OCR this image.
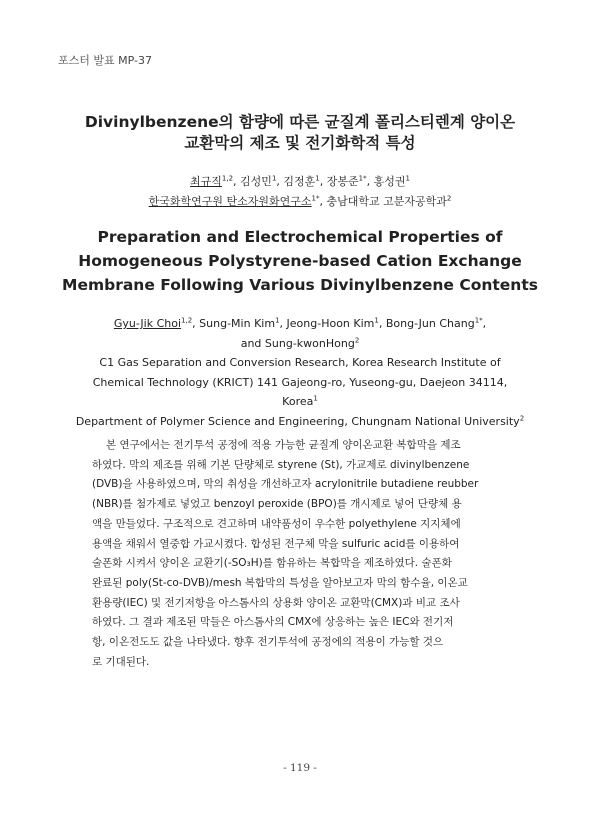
포스터 발표 MP-37
Divinylbenzene의 함량에 따른 균질계 폴리스티렌계 양이온
교환막의 제조 및 전기화학적 특성
최규직$^{1,2}$, 김성민$^1$, 김정훈$^1$, 장봉준$^{1*}$, 홍성권$^1$
한국화학연구원 탄소자원화연구소$^{1*}$, 충남대학교 고분자공학과$^2$
Preparation and Electrochemical Properties of
Homogeneous Polystyrene-based Cation Exchange
Membrane Following Various Divinylbenzene Contents
Gyu-Jik Choi$^{1,2}$, Sung-Min Kim$^1$, Jeong-Hoon Kim$^1$, Bong-Jun Chang$^{1*}$,
and Sung-kwonHong$^2$
C1 Gas Separation and Conversion Research, Korea Research Institute of
Chemical Technology (KRICT) 141 Gajeong-ro, Yuseong-gu, Daejeon 34114,
Korea$^1$
Department of Polymer Science and Engineering, Chungnam National University$^2$
본 연구에서는 전기투석 공정에 적용 가능한 균질계 양이온교환 복합막을 제조
하였다. 막의 제조를 위해 기본 단량체로 styrene (St), 가교제로 divinylbenzene
(DVB)을 사용하였으며, 막의 취성을 개선하고자 acrylonitrile butadiene reubber
(NBR)를 첨가제로 넣었고 benzoyl peroxide (BPO)를 개시제로 넣어 단량체 용
액을 만들었다. 구조적으로 견고하며 내약품성이 우수한 polyethylene 지지체에
용액을 채워서 열중합 가교시켰다. 합성된 전구체 막을 sulfuric acid를 이용하여
술폰화 시켜서 양이온 교환기(-SO₃H)를 함유하는 복합막을 제조하였다. 술폰화
완료된 poly(St-co-DVB)/mesh 복합막의 특성을 알아보고자 막의 함수율, 이온교
환용량(IEC) 및 전기저항을 아스톰사의 상용화 양이온 교환막(CMX)과 비교 조사
하였다. 그 결과 제조된 막들은 아스톰사의 CMX에 상응하는 높은 IEC와 전기저
항, 이온전도도 값을 나타냈다. 향후 전기투석에 공정에의 적용이 가능할 것으
로 기대된다.
- 119 -
